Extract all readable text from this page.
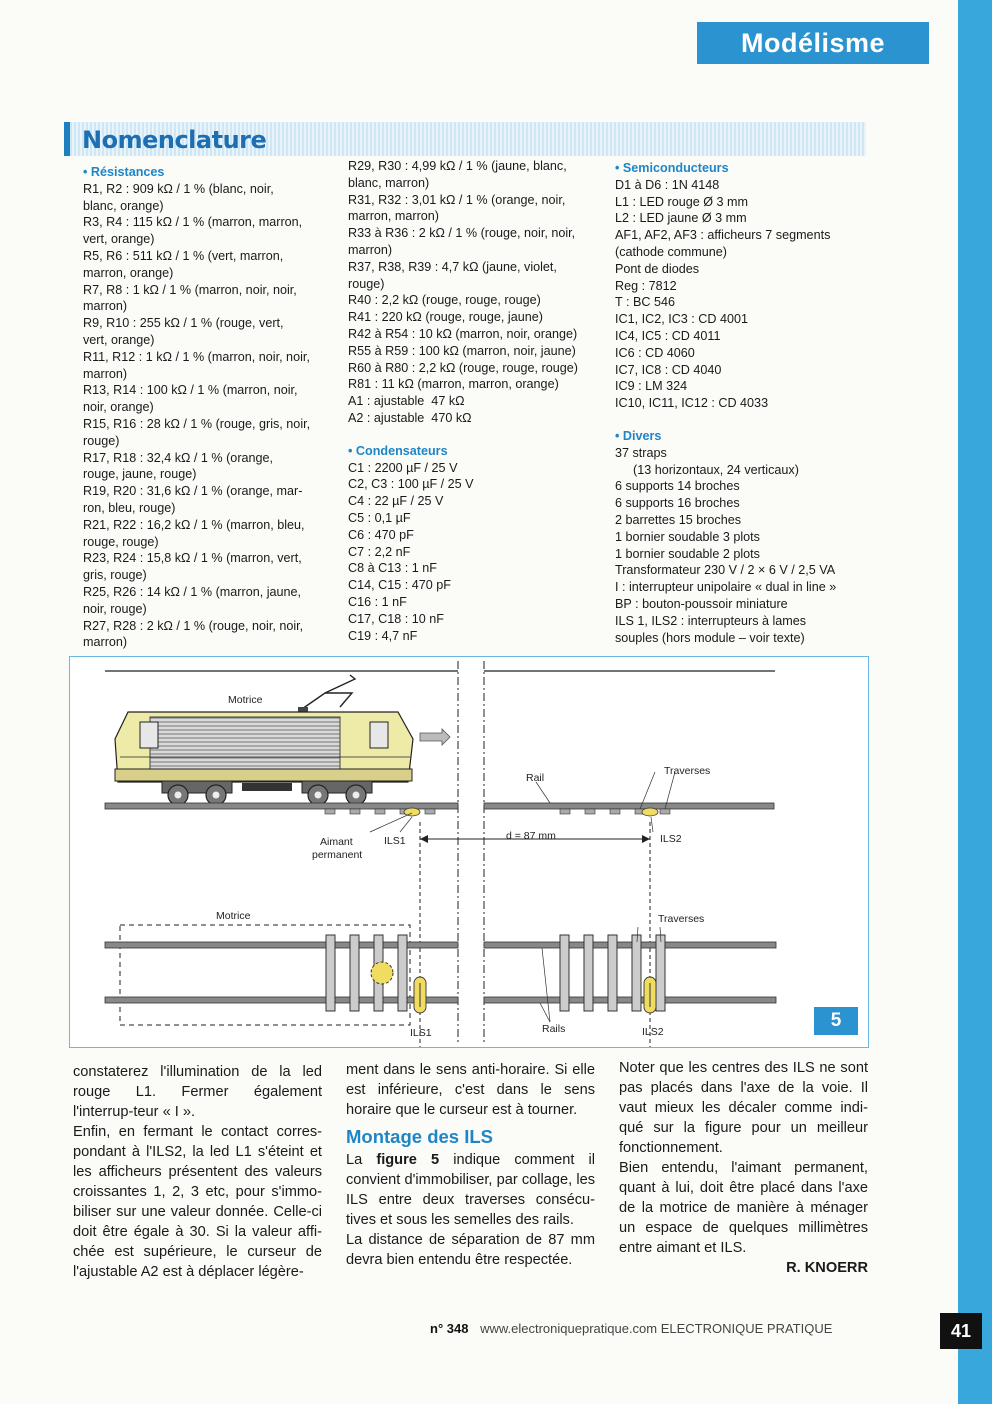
Modélisme
Nomenclature
• Résistances
R1, R2 : 909 kΩ / 1 % (blanc, noir,
blanc, orange)
R3, R4 : 115 kΩ / 1 % (marron, marron,
vert, orange)
R5, R6 : 511 kΩ / 1 % (vert, marron,
marron, orange)
R7, R8 : 1 kΩ / 1 % (marron, noir, noir,
marron)
R9, R10 : 255 kΩ / 1 % (rouge, vert,
vert, orange)
R11, R12 : 1 kΩ / 1 % (marron, noir, noir,
marron)
R13, R14 : 100 kΩ / 1 % (marron, noir,
noir, orange)
R15, R16 : 28 kΩ / 1 % (rouge, gris, noir,
rouge)
R17, R18 : 32,4 kΩ / 1 % (orange,
rouge, jaune, rouge)
R19, R20 : 31,6 kΩ / 1 % (orange, mar-
ron, bleu, rouge)
R21, R22 : 16,2 kΩ / 1 % (marron, bleu,
rouge, rouge)
R23, R24 : 15,8 kΩ / 1 % (marron, vert,
gris, rouge)
R25, R26 : 14 kΩ / 1 % (marron, jaune,
noir, rouge)
R27, R28 : 2 kΩ / 1 % (rouge, noir, noir,
marron)
R29, R30 : 4,99 kΩ / 1 % (jaune, blanc,
blanc, marron)
R31, R32 : 3,01 kΩ / 1 % (orange, noir,
marron, marron)
R33 à R36 : 2 kΩ / 1 % (rouge, noir, noir,
marron)
R37, R38, R39 : 4,7 kΩ (jaune, violet,
rouge)
R40 : 2,2 kΩ (rouge, rouge, rouge)
R41 : 220 kΩ (rouge, rouge, jaune)
R42 à R54 : 10 kΩ (marron, noir, orange)
R55 à R59 : 100 kΩ (marron, noir, jaune)
R60 à R80 : 2,2 kΩ (rouge, rouge, rouge)
R81 : 11 kΩ (marron, marron, orange)
A1 : ajustable  47 kΩ
A2 : ajustable  470 kΩ
• Condensateurs
C1 : 2200 µF / 25 V
C2, C3 : 100 µF / 25 V
C4 : 22 µF / 25 V
C5 : 0,1 µF
C6 : 470 pF
C7 : 2,2 nF
C8 à C13 : 1 nF
C14, C15 : 470 pF
C16 : 1 nF
C17, C18 : 10 nF
C19 : 4,7 nF
• Semiconducteurs
D1 à D6 : 1N 4148
L1 : LED rouge Ø 3 mm
L2 : LED jaune Ø 3 mm
AF1, AF2, AF3 : afficheurs 7 segments
(cathode commune)
Pont de diodes
Reg : 7812
T : BC 546
IC1, IC2, IC3 : CD 4001
IC4, IC5 : CD 4011
IC6 : CD 4060
IC7, IC8 : CD 4040
IC9 : LM 324
IC10, IC11, IC12 : CD 4033
• Divers
37 straps
(13 horizontaux, 24 verticaux)
6 supports 14 broches
6 supports 16 broches
2 barrettes 15 broches
1 bornier soudable 3 plots
1 bornier soudable 2 plots
Transformateur 230 V / 2 × 6 V / 2,5 VA
I : interrupteur unipolaire « dual in line »
BP : bouton-poussoir miniature
ILS 1, ILS2 : interrupteurs à lames
souples (hors module – voir texte)
Motrice
Rail
Traverses
Aimant
permanent
ILS1	d = 87 mm	ILS2
Motrice	Traverses
ILS1	Rails	ILS2
5

constaterez l'illumination de la led rouge L1. Fermer également l'interrup-teur « I ».

Enfin, en fermant le contact corres-pondant à l'ILS2, la led L1 s'éteint et les afficheurs présentent des valeurs croissantes 1, 2, 3 etc, pour s'immo-biliser sur une valeur donnée. Celle-ci doit être égale à 30. Si la valeur affi-chée est supérieure, le curseur de l'ajustable A2 est à déplacer légère-

ment dans le sens anti-horaire. Si elle est inférieure, c'est dans le sens horaire que le curseur est à tourner.

Montage des ILS

La figure 5 indique comment il convient d'immobiliser, par collage, les ILS entre deux traverses consécu-tives et sous les semelles des rails.

La distance de séparation de 87 mm devra bien entendu être respectée.

Noter que les centres des ILS ne sont pas placés dans l'axe de la voie. Il vaut mieux les décaler comme indi-qué sur la figure pour un meilleur fonctionnement.

Bien entendu, l'aimant permanent, quant à lui, doit être placé dans l'axe de la motrice de manière à ménager un espace de quelques millimètres entre aimant et ILS.

R. KNOERR

n° 348 www.electroniquepratique.com ELECTRONIQUE PRATIQUE	41
